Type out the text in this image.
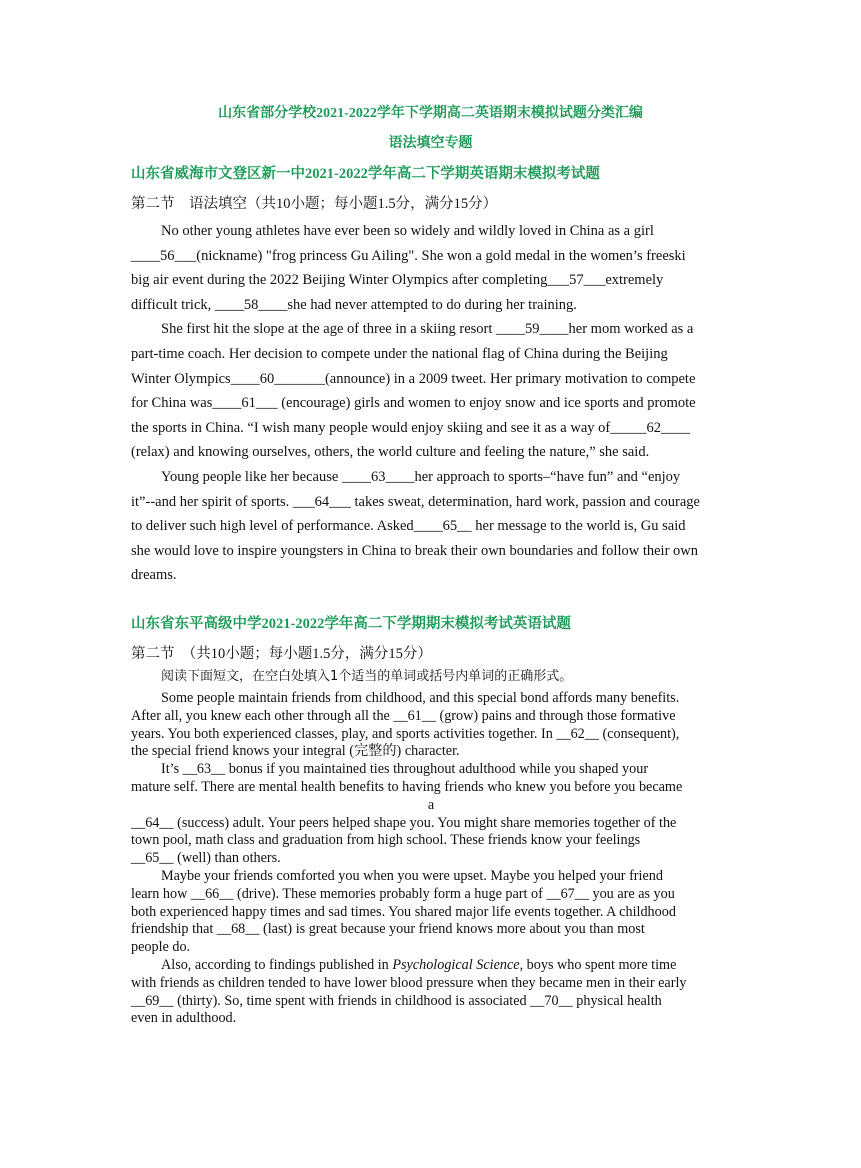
山东省部分学校2021-2022学年下学期高二英语期末模拟试题分类汇编
语法填空专题
山东省威海市文登区新一中2021-2022学年高二下学期英语期末模拟考试题
第二节　语法填空（共10小题；每小题1.5分，满分15分）
No other young athletes have ever been so widely and wildly loved in China as a girl
____56___(nickname) "frog princess Gu Ailing". She won a gold medal in the women’s freeski
big air event during the 2022 Beijing Winter Olympics after completing___57___extremely
difficult trick, ____58____she had never attempted to do during her training.
She first hit the slope at the age of three in a skiing resort ____59____her mom worked as a
part-time coach. Her decision to compete under the national flag of China during the Beijing
Winter Olympics____60_______(announce) in a 2009 tweet. Her primary motivation to compete
for China was____61___ (encourage) girls and women to enjoy snow and ice sports and promote
the sports in China. “I wish many people would enjoy skiing and see it as a way of_____62____
(relax) and knowing ourselves, others, the world culture and feeling the nature,” she said.
Young people like her because ____63____her approach to sports–“have fun” and “enjoy
it”--and her spirit of sports. ___64___ takes sweat, determination, hard work, passion and courage
to deliver such high level of performance. Asked____65__ her message to the world is, Gu said
she would love to inspire youngsters in China to break their own boundaries and follow their own
dreams.
山东省东平高级中学2021-2022学年高二下学期期末模拟考试英语试题
第二节　（共10小题；每小题1.5分，满分15分）
阅读下面短文，在空白处填入1个适当的单词或括号内单词的正确形式。
Some people maintain friends from childhood, and this special bond affords many benefits.
After all, you knew each other through all the __61__ (grow) pains and through those formative
years. You both experienced classes, play, and sports activities together. In __62__ (consequent),
the special friend knows your integral (完整的) character.
It’s __63__ bonus if you maintained ties throughout adulthood while you shaped your
mature self. There are mental health benefits to having friends who knew you before you became
a
__64__ (success) adult. Your peers helped shape you. You might share memories together of the
town pool, math class and graduation from high school. These friends know your feelings
__65__ (well) than others.
Maybe your friends comforted you when you were upset. Maybe you helped your friend
learn how __66__ (drive). These memories probably form a huge part of __67__ you are as you
both experienced happy times and sad times. You shared major life events together. A childhood
friendship that __68__ (last) is great because your friend knows more about you than most
people do.
Also, according to findings published in Psychological Science, boys who spent more time
with friends as children tended to have lower blood pressure when they became men in their early
__69__ (thirty). So, time spent with friends in childhood is associated __70__ physical health
even in adulthood.
